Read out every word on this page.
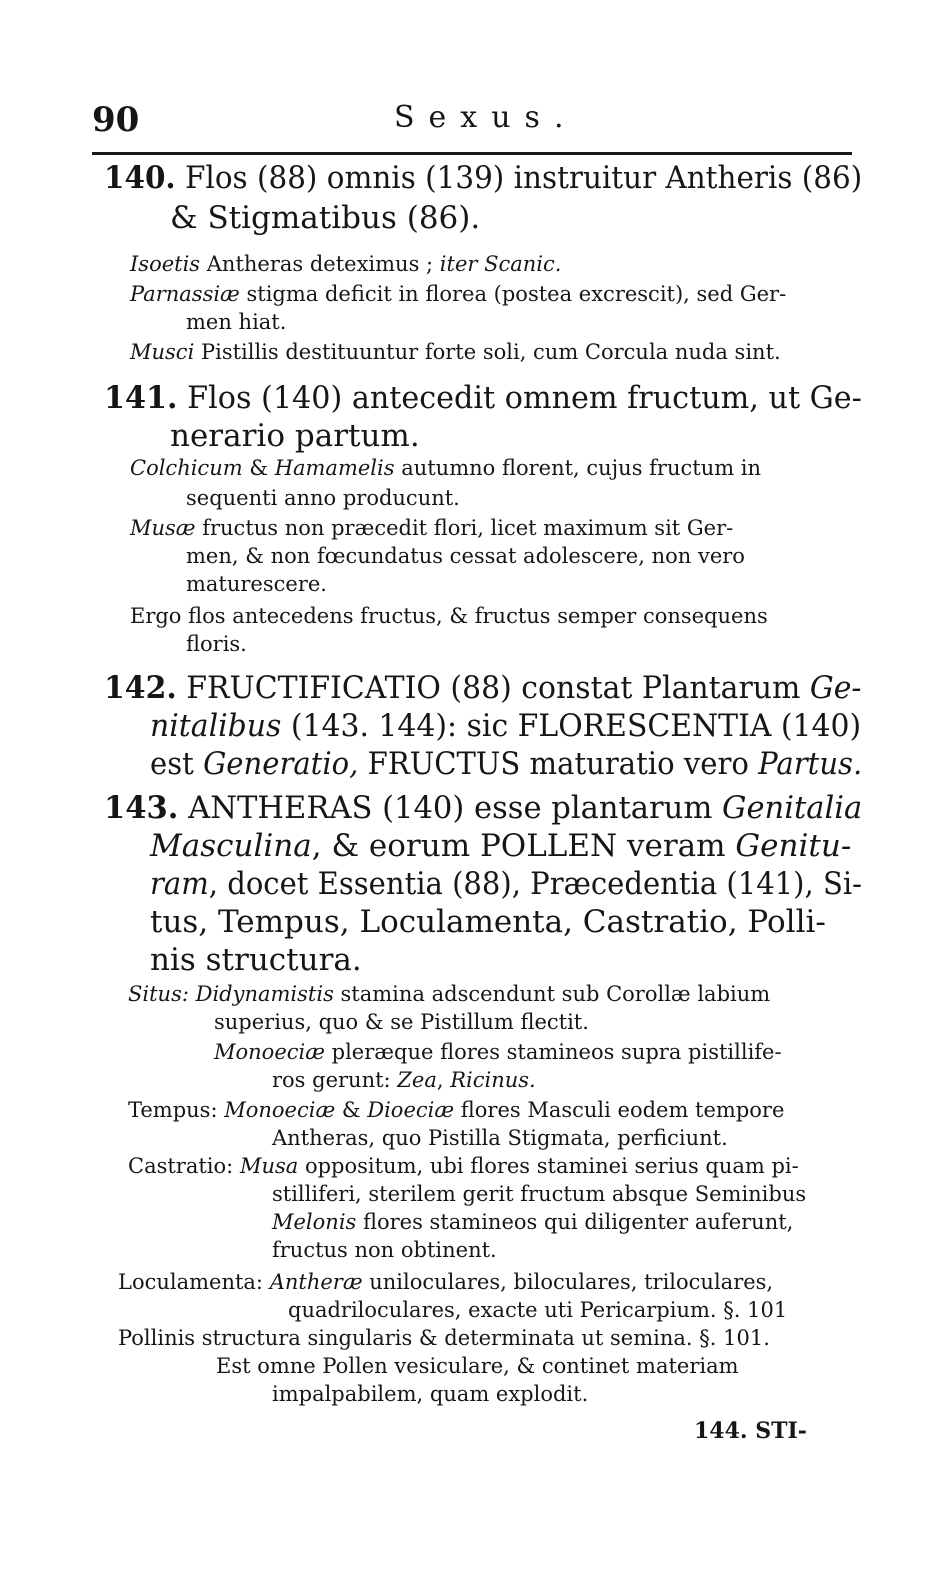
90	Sexus.
140. Flos (88) omnis (139) instruitur Antheris (86)
& Stigmatibus (86).
Isoetis Antheras deteximus ; iter Scanic.
Parnassiæ stigma deficit in florea (postea excrescit), sed Ger-
men hiat.
Musci Pistillis destituuntur forte soli, cum Corcula nuda sint.
141. Flos (140) antecedit omnem fructum, ut Ge-
nerario partum.
Colchicum & Hamamelis autumno florent, cujus fructum in
sequenti anno producunt.
Musæ fructus non præcedit flori, licet maximum sit Ger-
men, & non fœcundatus cessat adolescere, non vero
maturescere.
Ergo flos antecedens fructus, & fructus semper consequens
floris.
142. FRUCTIFICATIO (88) constat Plantarum Ge-
nitalibus (143. 144): sic FLORESCENTIA (140)
est Generatio, FRUCTUS maturatio vero Partus.
143. ANTHERAS (140) esse plantarum Genitalia
Masculina, & eorum POLLEN veram Genitu-
ram, docet Essentia (88), Præcedentia (141), Si-
tus, Tempus, Loculamenta, Castratio, Polli-
nis structura.
Situs: Didynamistis stamina adscendunt sub Corollæ labium
superius, quo & se Pistillum flectit.
Monoeciæ pleræque flores stamineos supra pistillife-
ros gerunt: Zea, Ricinus.
Tempus: Monoeciæ & Dioeciæ flores Masculi eodem tempore
Antheras, quo Pistilla Stigmata, perficiunt.
Castratio: Musa oppositum, ubi flores staminei serius quam pi-
stilliferi, sterilem gerit fructum absque Seminibus
Melonis flores stamineos qui diligenter auferunt,
fructus non obtinent.
Loculamenta: Antheræ uniloculares, biloculares, triloculares,
quadriloculares, exacte uti Pericarpium. §. 101
Pollinis structura singularis & determinata ut semina. §. 101.
Est omne Pollen vesiculare, & continet materiam
impalpabilem, quam explodit.
144. STI-
